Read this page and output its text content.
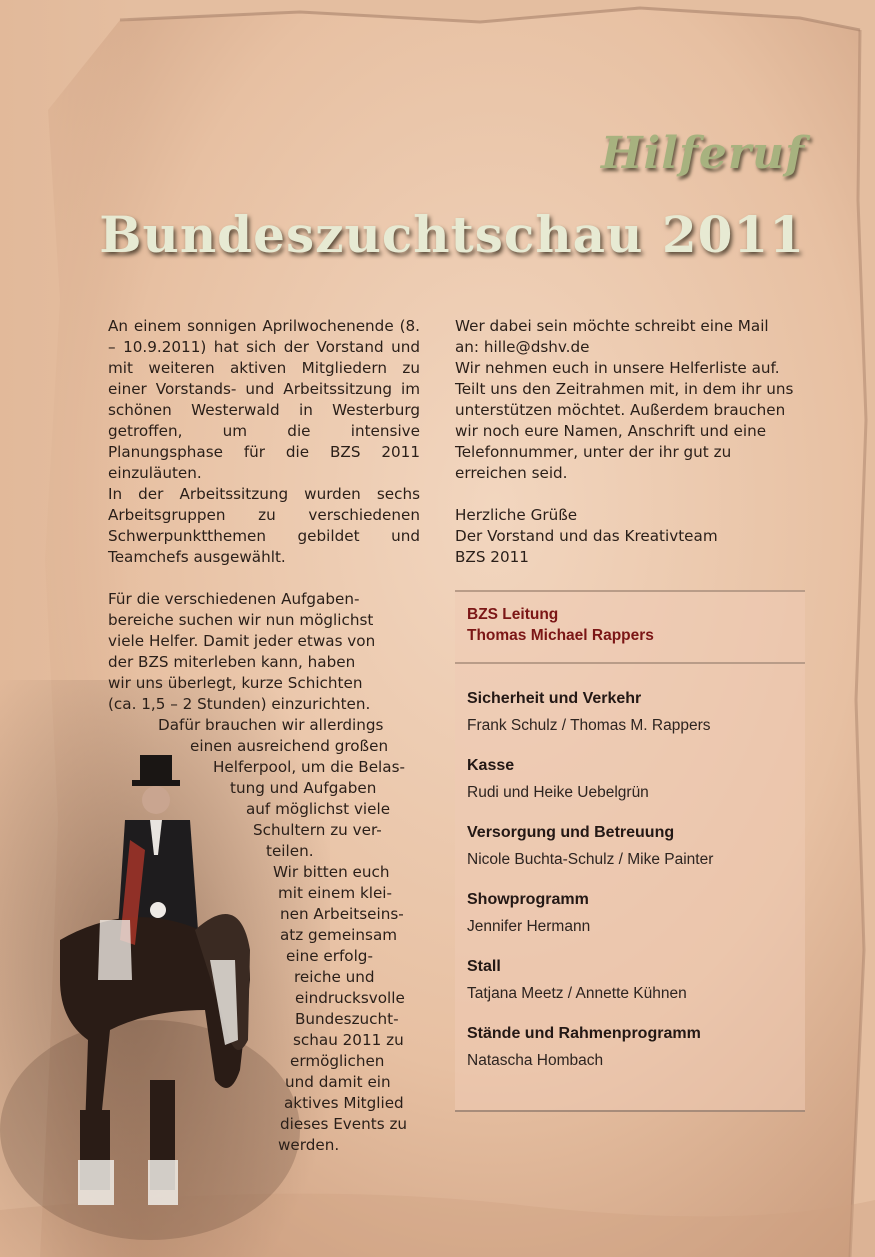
Hilferuf
Bundeszuchtschau 2011

An einem sonnigen Aprilwochenende (8. – 10.9.2011) hat sich der Vorstand und mit weiteren aktiven Mitgliedern zu einer Vorstands- und Arbeitssitzung im schönen Westerwald in Westerburg getroffen, um die intensive Planungsphase für die BZS 2011 einzuläuten.

In der Arbeitssitzung wurden sechs Arbeitsgruppen zu verschiedenen Schwerpunktthemen gebildet und Teamchefs ausgewählt.

Für die verschiedenen Aufgaben-
bereiche suchen wir nun möglichst
viele Helfer. Damit jeder etwas von
der BZS miterleben kann, haben
wir uns überlegt, kurze Schichten
(ca. 1,5 – 2 Stunden) einzurichten.
Dafür brauchen wir allerdings
einen ausreichend großen
Helferpool, um die Belas-
tung und Aufgaben
auf möglichst viele
Schultern zu ver-
teilen.
Wir bitten euch
mit einem klei-
nen Arbeitseins-
atz gemeinsam
eine erfolg-
reiche und
eindrucksvolle
Bundeszucht-
schau 2011 zu
ermöglichen
und damit ein
aktives Mitglied
dieses Events zu
werden.
Wer dabei sein möchte schreibt eine Mail
an: hille@dshv.de

Wir nehmen euch in unsere Helferliste auf. Teilt uns den Zeitrahmen mit, in dem ihr uns unterstützen möchtet. Außerdem brauchen wir noch eure Namen, Anschrift und eine Telefonnummer, unter der ihr gut zu erreichen seid.

Herzliche Grüße
Der Vorstand und das Kreativteam
BZS 2011
BZS Leitung
Thomas Michael Rappers
Sicherheit und Verkehr
Frank Schulz / Thomas M. Rappers
Kasse
Rudi und Heike Uebelgrün
Versorgung und Betreuung
Nicole Buchta-Schulz / Mike Painter
Showprogramm
Jennifer Hermann
Stall
Tatjana Meetz / Annette Kühnen
Stände und Rahmenprogramm
Natascha Hombach
